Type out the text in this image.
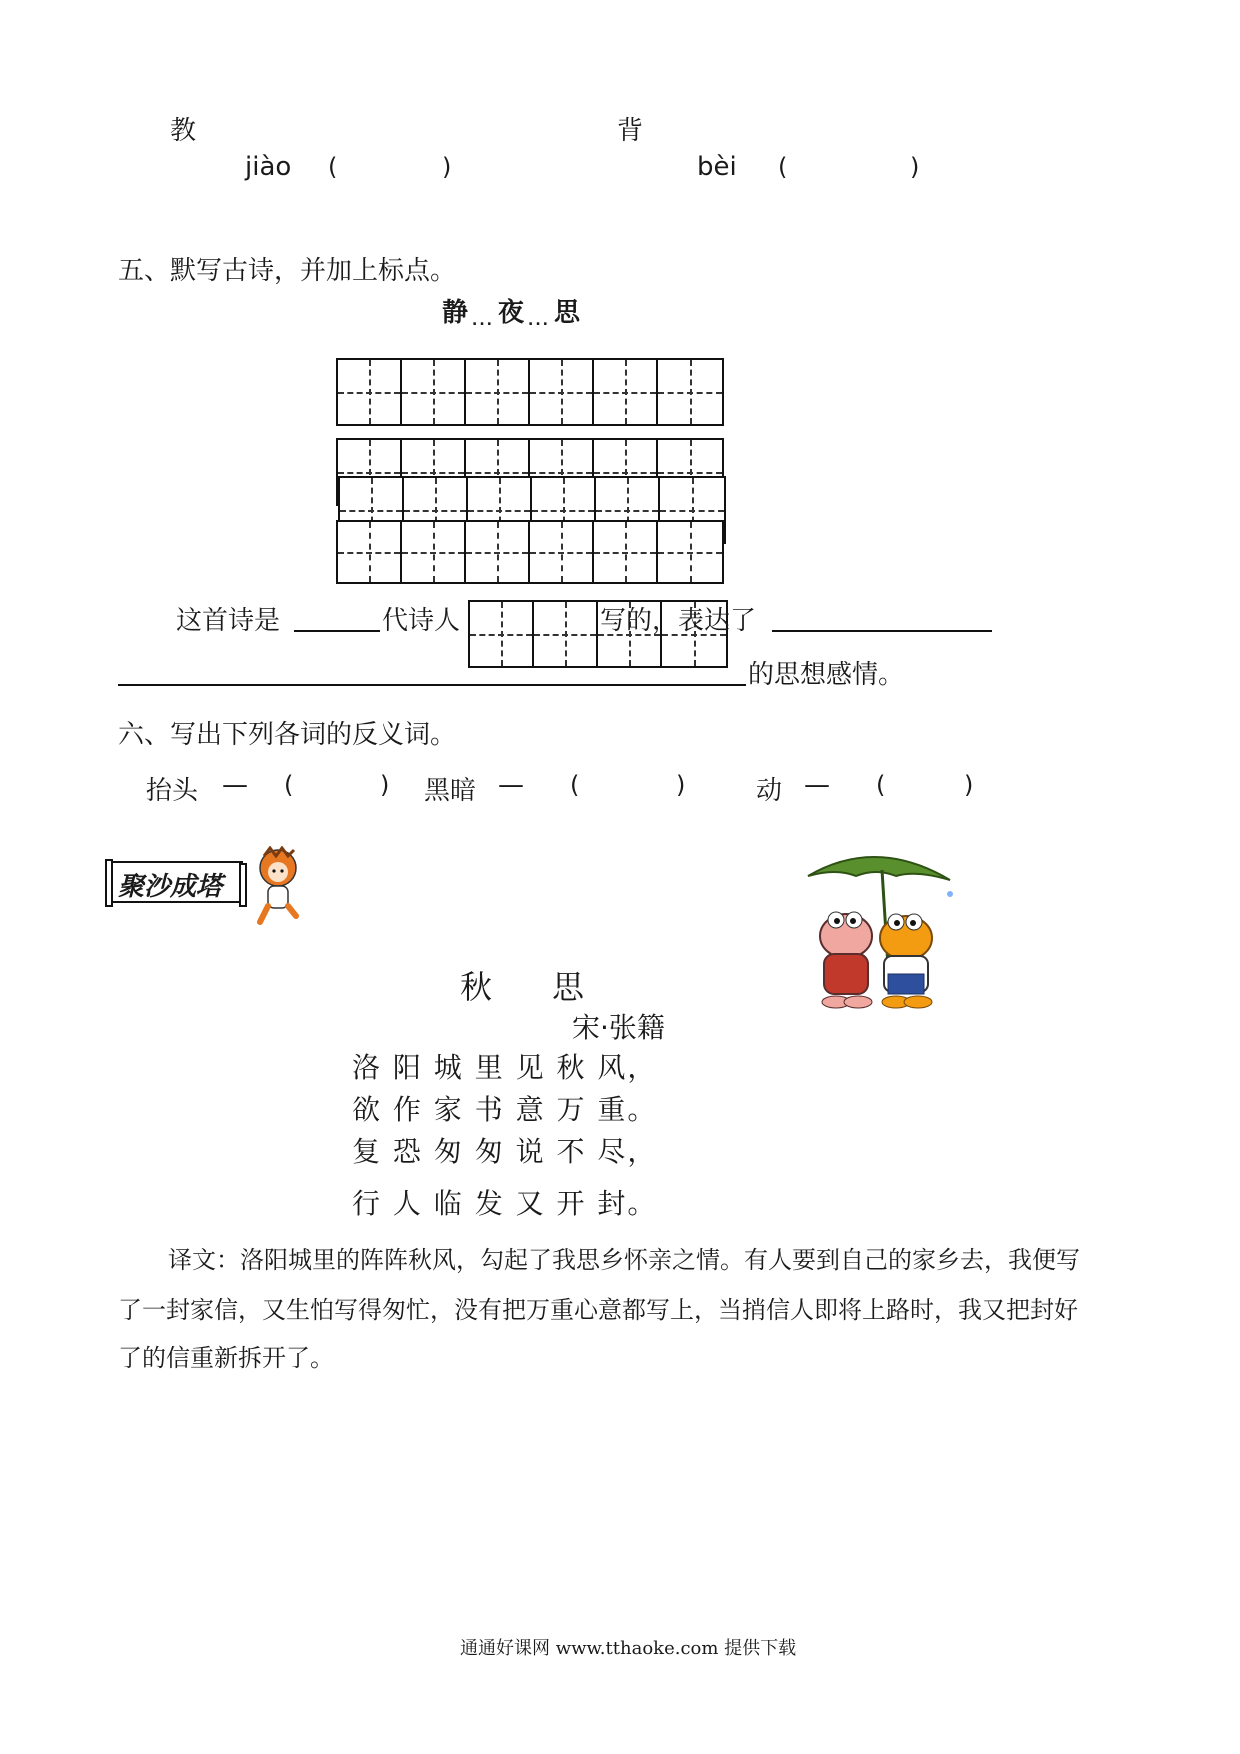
教
jiào (	)
背
bèi (	)
五、默写古诗，并加上标点。
静 ... 夜 ... 思
这首诗是	代诗人	写的，表达了
的思想感情。
六、写出下列各词的反义词。
抬头 — (	) 黑暗 — (	)	动 — (	)
聚沙成塔
秋 思
宋·张籍
洛 阳 城 里 见 秋 风，
欲 作 家 书 意 万 重。
复 恐 匆 匆 说 不 尽，
行 人 临 发 又 开 封。
译文：洛阳城里的阵阵秋风，勾起了我思乡怀亲之情。有人要到自己的家乡去，我便写
了一封家信，又生怕写得匆忙，没有把万重心意都写上，当捎信人即将上路时，我又把封好
了的信重新拆开了。
通通好课网 www.tthaoke.com 提供下载
